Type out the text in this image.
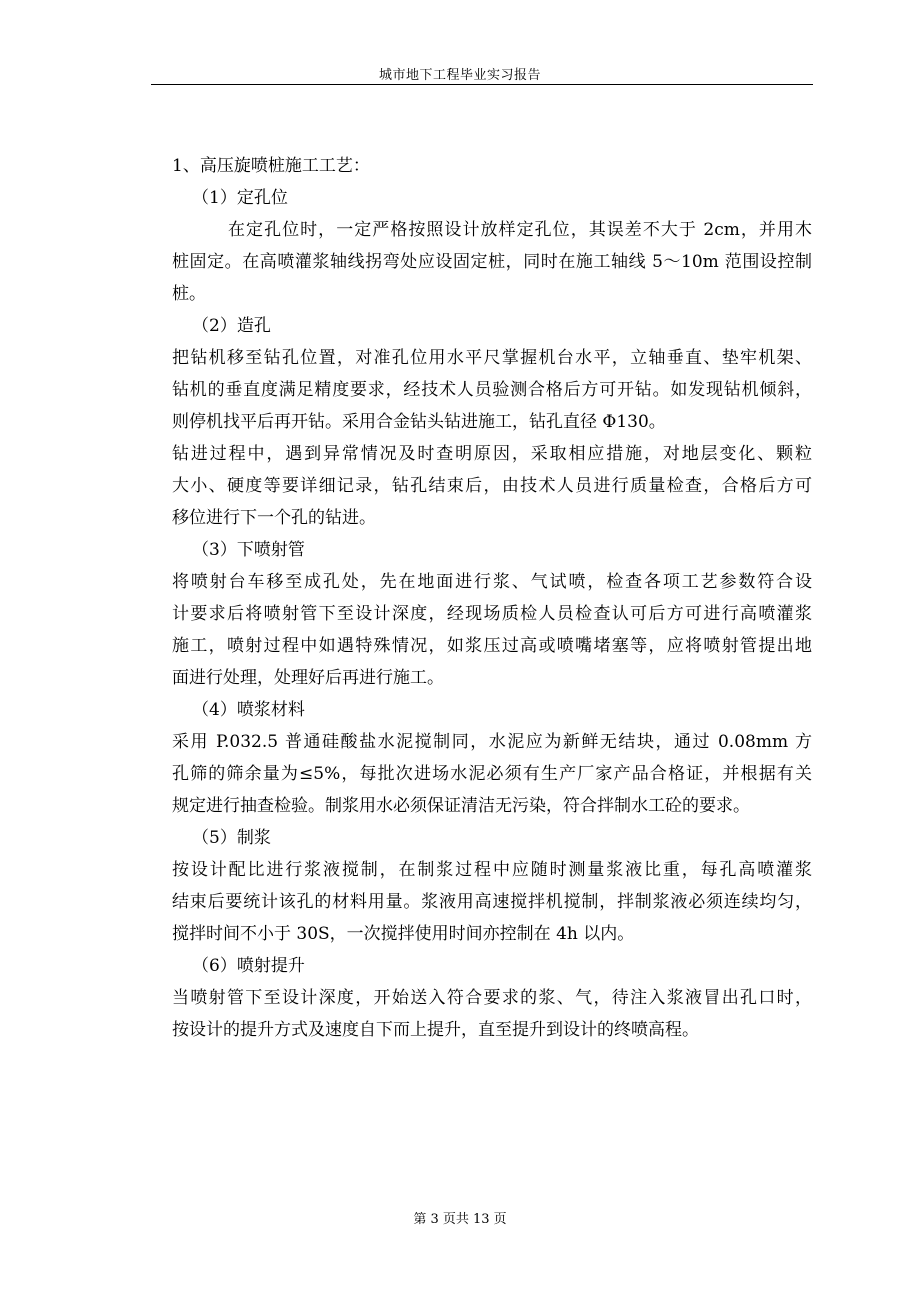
城市地下工程毕业实习报告
1、高压旋喷桩施工工艺：
（1）定孔位
在定孔位时，一定严格按照设计放样定孔位，其误差不大于 2cm，并用木
桩固定。在高喷灌浆轴线拐弯处应设固定桩，同时在施工轴线 5～10m 范围设控制
桩。
（2）造孔
把钻机移至钻孔位置，对准孔位用水平尺掌握机台水平，立轴垂直、垫牢机架、
钻机的垂直度满足精度要求，经技术人员验测合格后方可开钻。如发现钻机倾斜，
则停机找平后再开钻。采用合金钻头钻进施工，钻孔直径 Φ130。
钻进过程中，遇到异常情况及时查明原因，采取相应措施，对地层变化、颗粒
大小、硬度等要详细记录，钻孔结束后，由技术人员进行质量检查，合格后方可
移位进行下一个孔的钻进。
（3）下喷射管
将喷射台车移至成孔处，先在地面进行浆、气试喷，检查各项工艺参数符合设
计要求后将喷射管下至设计深度，经现场质检人员检查认可后方可进行高喷灌浆
施工，喷射过程中如遇特殊情况，如浆压过高或喷嘴堵塞等，应将喷射管提出地
面进行处理，处理好后再进行施工。
（4）喷浆材料
采用 P.032.5 普通硅酸盐水泥搅制同，水泥应为新鲜无结块，通过 0.08mm 方
孔筛的筛余量为≤5%，每批次进场水泥必须有生产厂家产品合格证，并根据有关
规定进行抽查检验。制浆用水必须保证清洁无污染，符合拌制水工砼的要求。
（5）制浆
按设计配比进行浆液搅制，在制浆过程中应随时测量浆液比重，每孔高喷灌浆
结束后要统计该孔的材料用量。浆液用高速搅拌机搅制，拌制浆液必须连续均匀，
搅拌时间不小于 30S，一次搅拌使用时间亦控制在 4h 以内。
（6）喷射提升
当喷射管下至设计深度，开始送入符合要求的浆、气，待注入浆液冒出孔口时，
按设计的提升方式及速度自下而上提升，直至提升到设计的终喷高程。
第 3 页共 13 页
